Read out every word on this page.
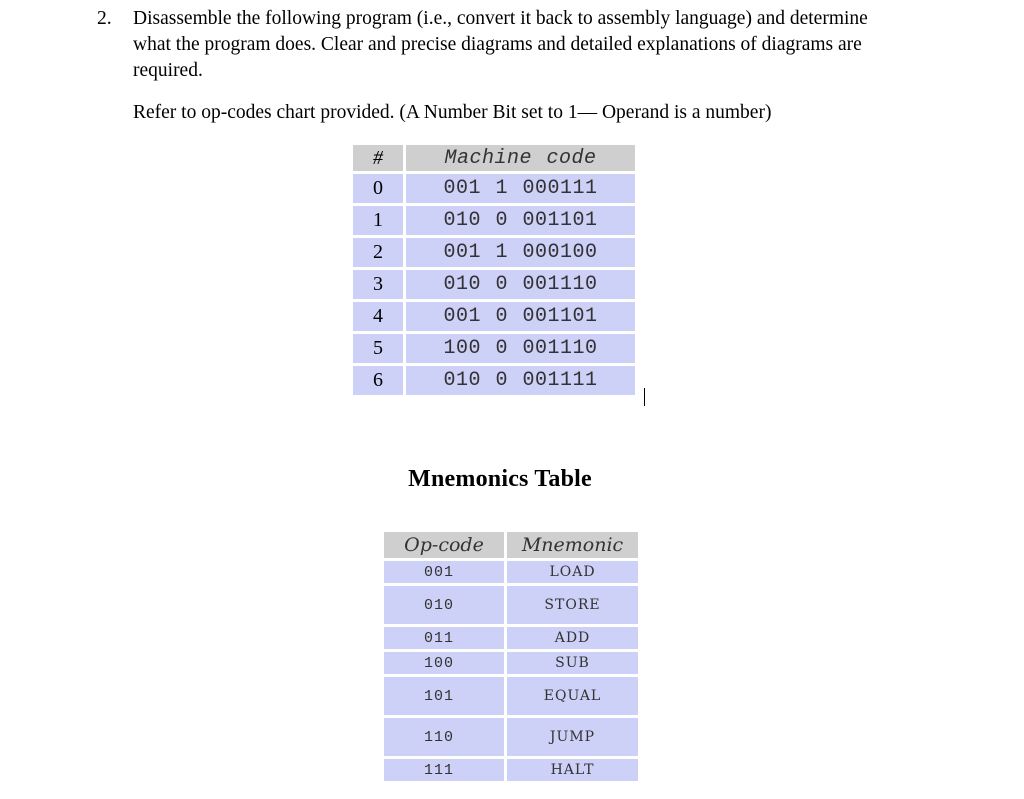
2. Disassemble the following program (i.e., convert it back to assembly language) and determine
what the program does. Clear and precise diagrams and detailed explanations of diagrams are
required.
Refer to op-codes chart provided. (A Number Bit set to 1— Operand is a number)
#	Machine code
0	001 1 000111
1	010 0 001101
2	001 1 000100
3	010 0 001110
4	001 0 001101
5	100 0 001110
6	010 0 001111
Mnemonics Table
Op-code	Mnemonic
001	LOAD
010	STORE
011	ADD
100	SUB
101	EQUAL
110	JUMP
111	HALT
